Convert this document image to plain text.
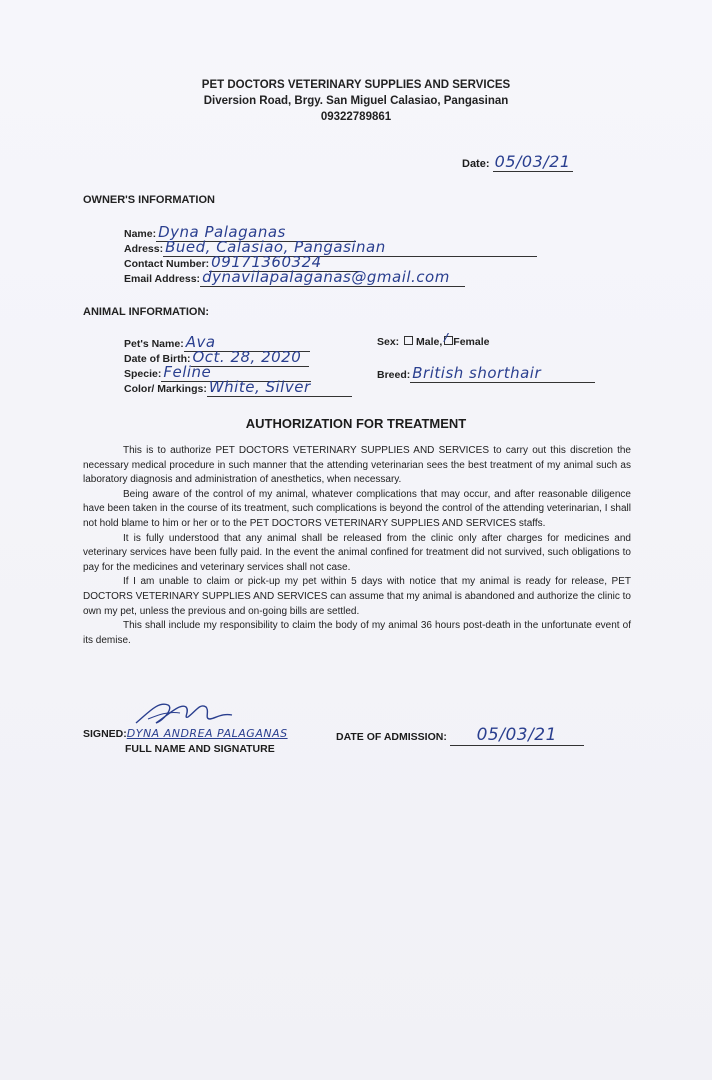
PET DOCTORS VETERINARY SUPPLIES AND SERVICES
Diversion Road, Brgy. San Miguel Calasiao, Pangasinan
09322789861
Date: 05/03/21
OWNER'S INFORMATION
Name: Dyna Palaganas
Adress: Bued, Calasiao, Pangasinan
Contact Number: 09171360324
Email Address: dynavilapalaganas@gmail.com
ANIMAL INFORMATION:
Pet's Name: Ava
Date of Birth: Oct. 28, 2020
Specie: Feline
Color/ Markings: White, Silver
Sex: Male, / Female
Breed: British shorthair
AUTHORIZATION FOR TREATMENT

This is to authorize PET DOCTORS VETERINARY SUPPLIES AND SERVICES to carry out this discretion the necessary medical procedure in such manner that the attending veterinarian sees the best treatment of my animal such as laboratory diagnosis and administration of anesthetics, when necessary.

Being aware of the control of my animal, whatever complications that may occur, and after reasonable diligence have been taken in the course of its treatment, such complications is beyond the control of the attending veterinarian, I shall not hold blame to him or her or to the PET DOCTORS VETERINARY SUPPLIES AND SERVICES staffs.

It is fully understood that any animal shall be released from the clinic only after charges for medicines and veterinary services have been fully paid. In the event the animal confined for treatment did not survived, such obligations to pay for the medicines and veterinary services shall not case.

If I am unable to claim or pick-up my pet within 5 days with notice that my animal is ready for release, PET DOCTORS VETERINARY SUPPLIES AND SERVICES can assume that my animal is abandoned and authorize the clinic to own my pet, unless the previous and on-going bills are settled.

This shall include my responsibility to claim the body of my animal 36 hours post-death in the unfortunate event of its demise.

SIGNED:DYNA ANDREA PALAGANAS
FULL NAME AND SIGNATURE
DATE OF ADMISSION: 05/03/21
